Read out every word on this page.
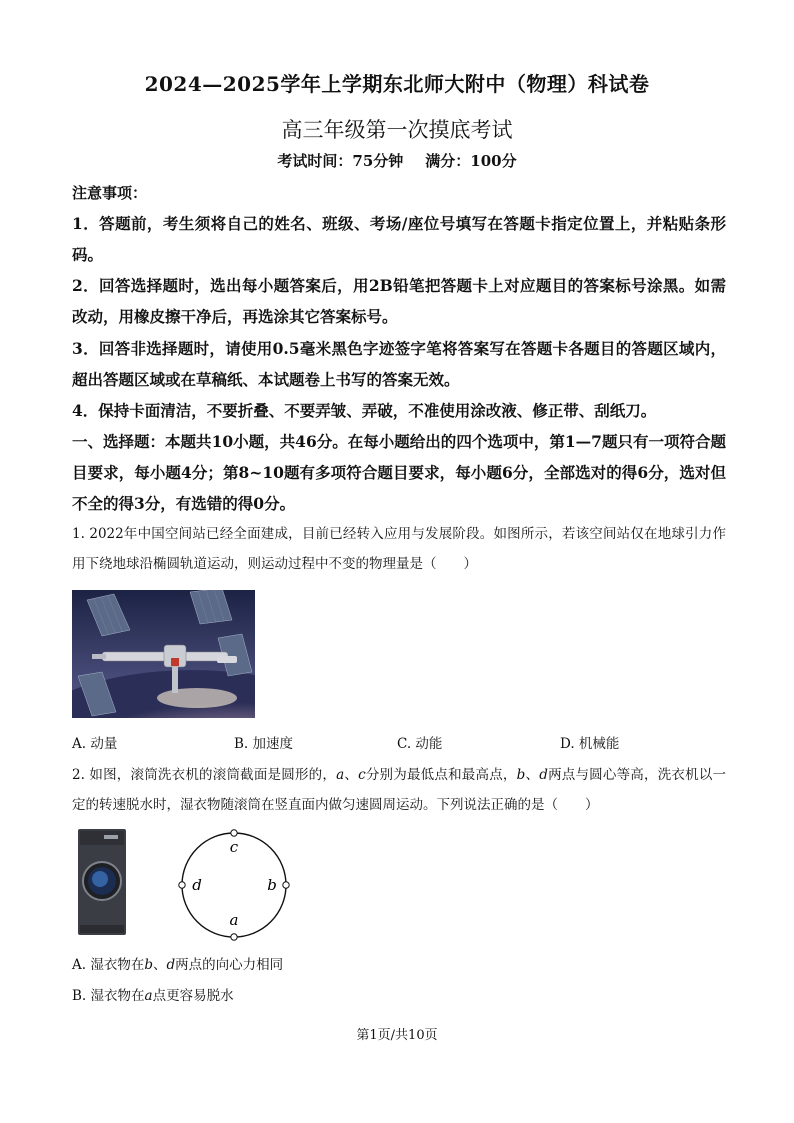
2024—2025学年上学期东北师大附中（物理）科试卷
高三年级第一次摸底考试
考试时间：75分钟 满分：100分
注意事项：
1．答题前，考生须将自己的姓名、班级、考场/座位号填写在答题卡指定位置上，并粘贴条形码。
2．回答选择题时，选出每小题答案后，用2B铅笔把答题卡上对应题目的答案标号涂黑。如需改动，用橡皮擦干净后，再选涂其它答案标号。
3．回答非选择题时，请使用0.5毫米黑色字迹签字笔将答案写在答题卡各题目的答题区域内，超出答题区域或在草稿纸、本试题卷上书写的答案无效。
4．保持卡面清洁，不要折叠、不要弄皱、弄破，不准使用涂改液、修正带、刮纸刀。
一、选择题：本题共10小题，共46分。在每小题给出的四个选项中，第1—7题只有一项符合题目要求，每小题4分；第8~10题有多项符合题目要求，每小题6分，全部选对的得6分，选对但不全的得3分，有选错的得0分。
1. 2022年中国空间站已经全面建成，目前已经转入应用与发展阶段。如图所示，若该空间站仅在地球引力作用下绕地球沿椭圆轨道运动，则运动过程中不变的物理量是（　　）
A. 动量	B. 加速度	C. 动能	D. 机械能
2. 如图，滚筒洗衣机的滚筒截面是圆形的，a、c分别为最低点和最高点，b、d两点与圆心等高，洗衣机以一定的转速脱水时，湿衣物随滚筒在竖直面内做匀速圆周运动。下列说法正确的是（　　）
c
a
d	b
A. 湿衣物在b、d两点的向心力相同
B. 湿衣物在a点更容易脱水
第1页/共10页
